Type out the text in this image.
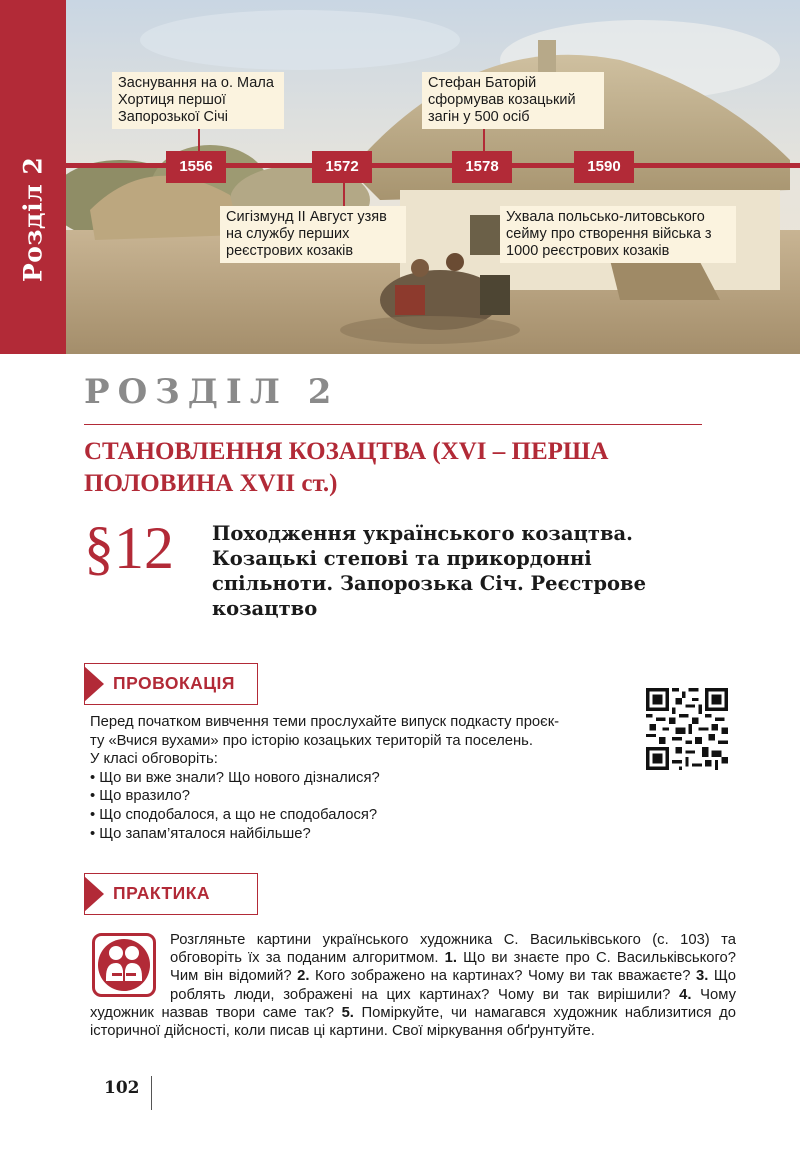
Розділ 2	1556	1572	1578	1590
Заснування на о. Мала Хортиця першої Запорозької Січі
Сигізмунд ІІ Август узяв на службу перших реєстрових козаків
Стефан Баторій сформував козацький загін у 500 осіб
Ухвала польсько-литовського сейму про створення війська з 1000 реєстрових козаків
РОЗДІЛ 2
СТАНОВЛЕННЯ КОЗАЦТВА (XVI – ПЕРША
ПОЛОВИНА XVII ст.)
§12 Походження українського козацтва.
Козацькі степові та прикордонні
спільноти. Запорозька Січ. Реєстрове
козацтво
ПРОВОКАЦІЯ

Перед початком вивчення теми прослухайте випуск подкасту проєк-

ту «Вчися вухами» про історію козацьких територій та поселень.

У класі обговоріть:

• Що ви вже знали? Що нового дізналися?

• Що вразило?

• Що сподобалося, а що не сподобалося?

• Що запам’яталося найбільше?

ПРАКТИКА
Розгляньте картини українського художника С. Васильківського (с. 103) та обговоріть їх за поданим алгоритмом. 1. Що ви знаєте про С. Васильківського? Чим він відомий? 2. Кого зображено на картинах? Чому ви так вважаєте? 3. Що роблять люди, зображені на цих картинах? Чому ви так вирішили? 4. Чому художник назвав твори саме так? 5. Поміркуйте, чи намагався художник наблизитися до історичної дійсності, коли писав ці картини. Свої міркування обґрунтуйте.
102
